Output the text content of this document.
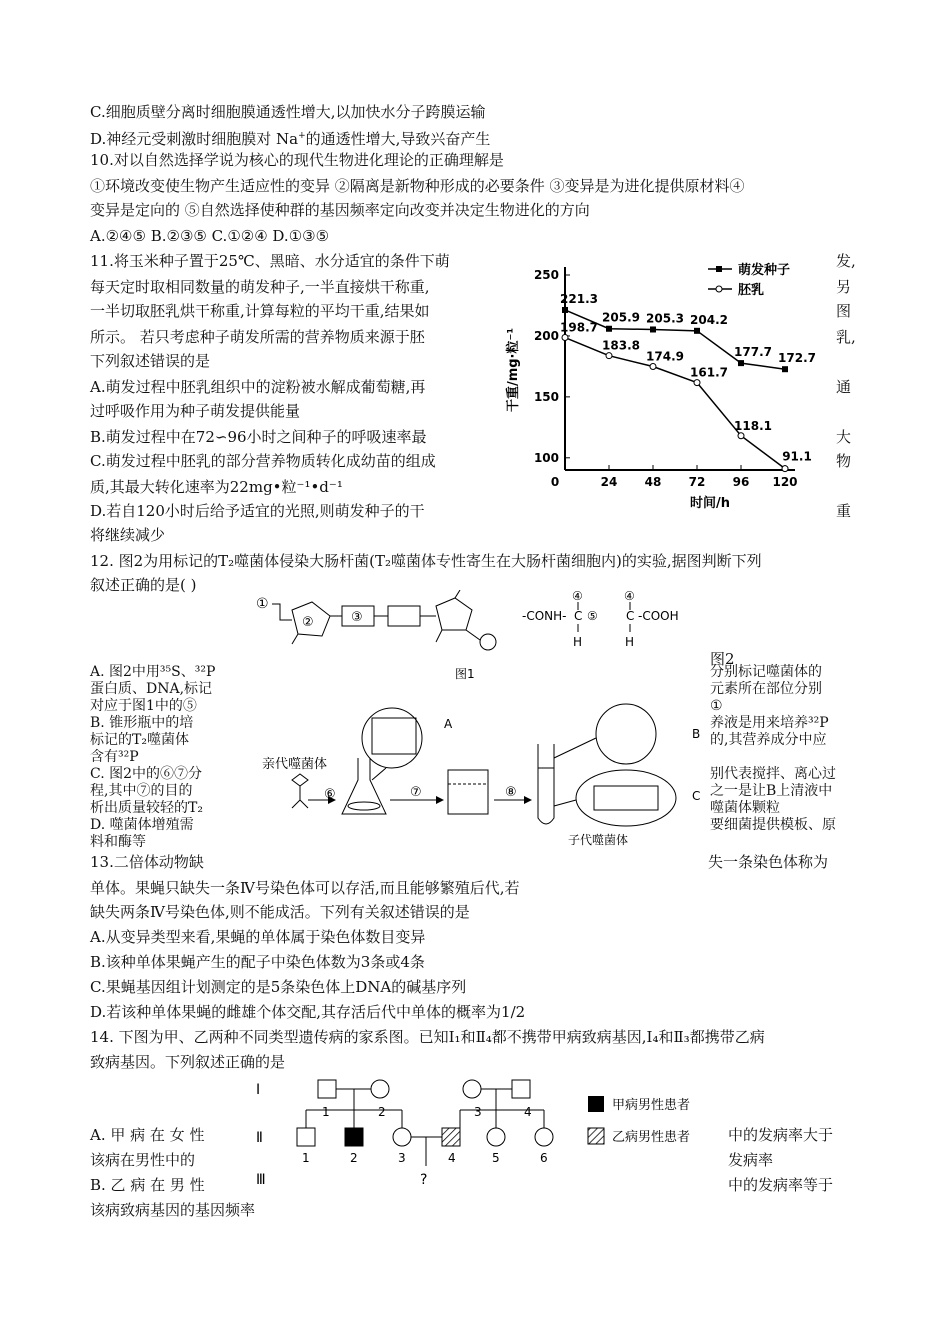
C.细胞质壁分离时细胞膜通透性增大,以加快水分子跨膜运输
D.神经元受刺激时细胞膜对 Na+的通透性增大,导致兴奋产生
10.对以自然选择学说为核心的现代生物进化理论的正确理解是
①环境改变使生物产生适应性的变异 ②隔离是新物种形成的必要条件 ③变异是为进化提供原材料④
变异是定向的 ⑤自然选择使种群的基因频率定向改变并决定生物进化的方向
A.②④⑤ B.②③⑤ C.①②④ D.①③⑤
11.将玉米种子置于25℃、黑暗、水分适宜的条件下萌
每天定时取相同数量的萌发种子,一半直接烘干称重,
一半切取胚乳烘干称重,计算每粒的平均干重,结果如
所示。 若只考虑种子萌发所需的营养物质来源于胚
下列叙述错误的是
A.萌发过程中胚乳组织中的淀粉被水解成葡萄糖,再
过呼吸作用为种子萌发提供能量
B.萌发过程中在72∽96小时之间种子的呼吸速率最
C.萌发过程中胚乳的部分营养物质转化成幼苗的组成
质,其最大转化速率为22mg•粒⁻¹•d⁻¹
D.若自120小时后给予适宜的光照,则萌发种子的干
将继续减少
发,
另
图
乳,
通
大
物
重
100
150
200
250
0	24 48 72 96 120
221.3
205.9 205.3 204.2
177.7 172.7
198.7
183.8
174.9
161.7
118.1
91.1
萌发种子
胚乳
时间/h
干重/mg·粒⁻¹
12. 图2为用标记的T₂噬菌体侵染大肠杆菌(T₂噬菌体专性寄生在大肠杆菌细胞内)的实验,据图判断下列
叙述正确的是( )
①
②	③	-CONH- C ⑤ C -COOH
④	④
H	H
图1
图2
A. 图2中用³⁵S、³²P
蛋白质、DNA,标记
对应于图1中的⑤
B. 锥形瓶中的培
标记的T₂噬菌体
含有³²P
C. 图2中的⑥⑦分
程,其中⑦的目的
析出质量较轻的T₂
D. 噬菌体增殖需
料和酶等
分别标记噬菌体的
元素所在部位分别
①
养液是用来培养³²P
的,其营养成分中应

别代表搅拌、离心过
之一是让B上清液中
噬菌体颗粒
要细菌提供模板、原
亲代噬菌体
⑥
A
⑦	⑧
B
C
子代噬菌体
13.二倍体动物缺	失一条染色体称为
单体。果蝇只缺失一条Ⅳ号染色体可以存活,而且能够繁殖后代,若
缺失两条Ⅳ号染色体,则不能成活。下列有关叙述错误的是
A.从变异类型来看,果蝇的单体属于染色体数目变异
B.该种单体果蝇产生的配子中染色体数为3条或4条
C.果蝇基因组计划测定的是5条染色体上DNA的碱基序列
D.若该种单体果蝇的雌雄个体交配,其存活后代中单体的概率为1/2
14. 下图为甲、乙两种不同类型遗传病的家系图。已知Ⅰ₁和Ⅱ₄都不携带甲病致病基因,Ⅰ₄和Ⅱ₃都携带乙病
致病基因。下列叙述正确的是
Ⅰ
Ⅱ
Ⅲ
1	2	3	4
1	2	3	4	5	6
?
甲病男性患者
乙病男性患者
A. 甲 病 在 女 性	中的发病率大于
该病在男性中的	发病率
B. 乙 病 在 男 性	中的发病率等于
该病致病基因的基因频率
